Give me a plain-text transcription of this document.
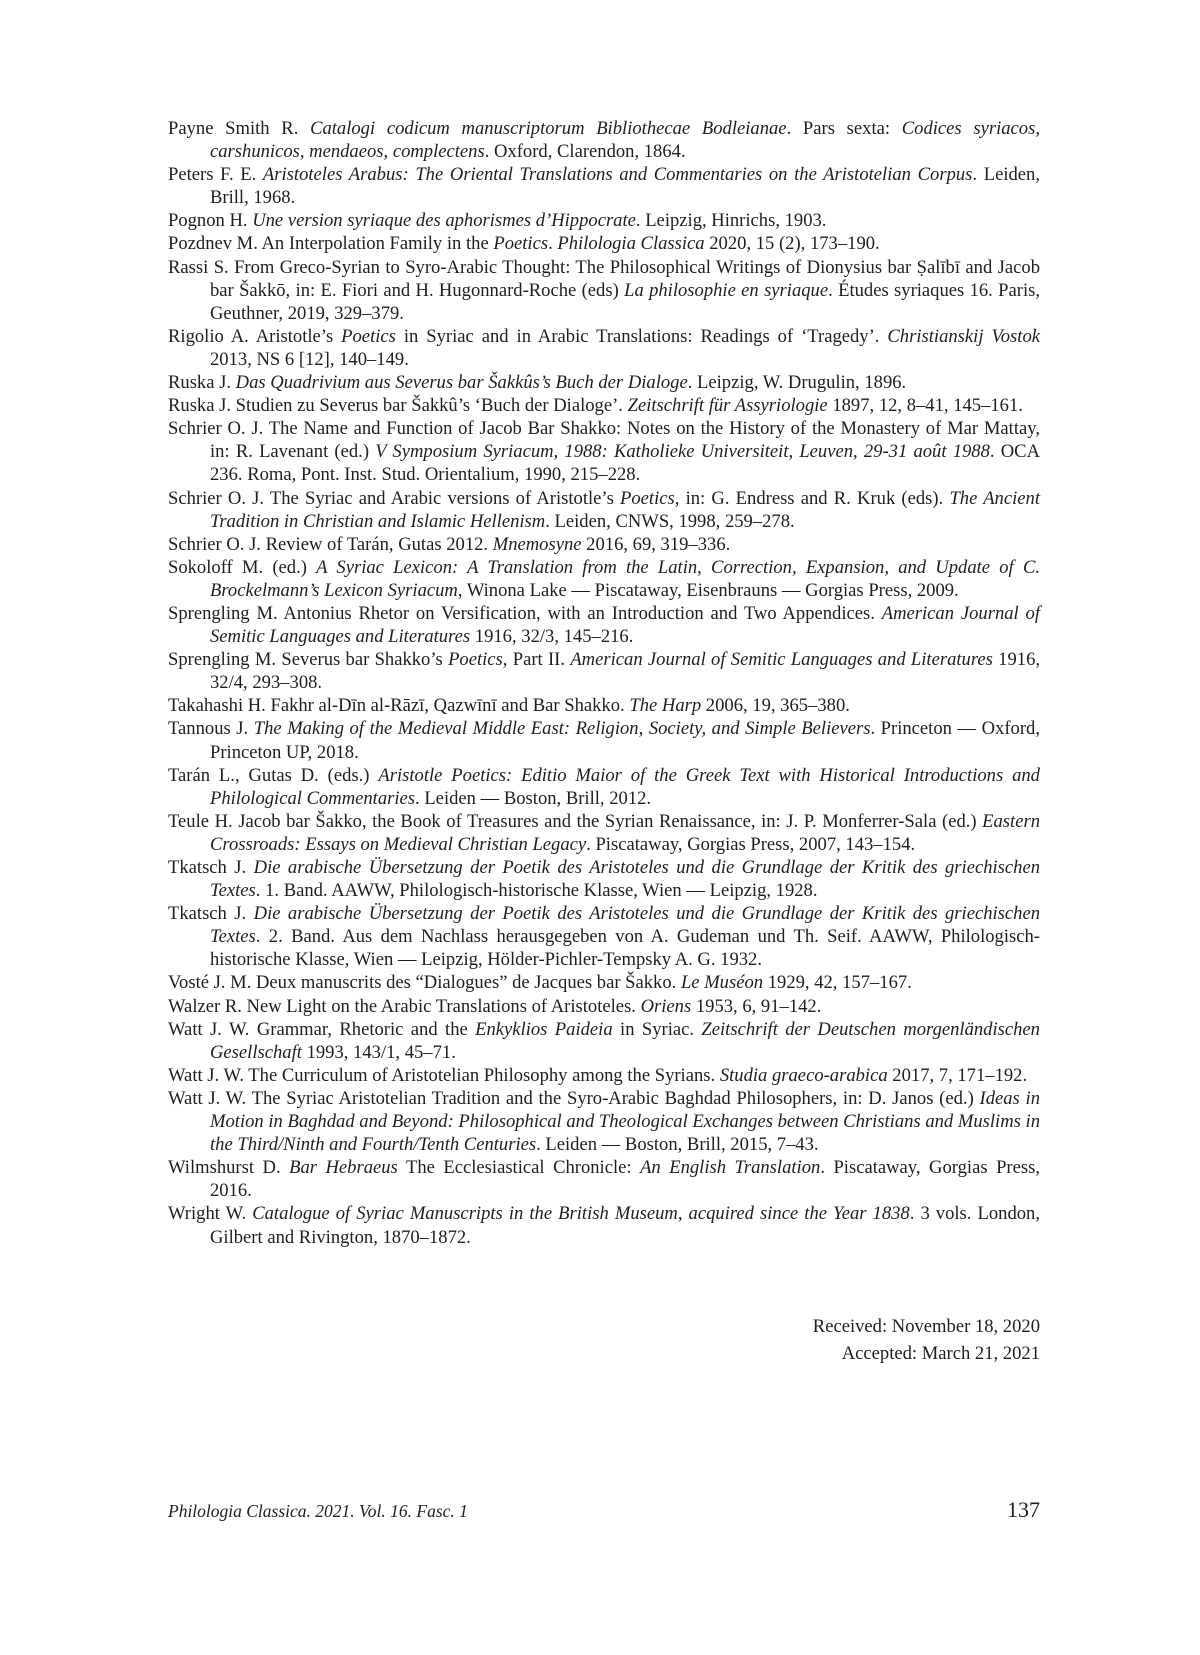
Payne Smith R. Catalogi codicum manuscriptorum Bibliothecae Bodleianae. Pars sexta: Codices syriacos, carshunicos, mendaeos, complectens. Oxford, Clarendon, 1864.

Peters F. E. Aristoteles Arabus: The Oriental Translations and Commentaries on the Aristotelian Corpus. Leiden, Brill, 1968.

Pognon H. Une version syriaque des aphorismes d’Hippocrate. Leipzig, Hinrichs, 1903.

Pozdnev M. An Interpolation Family in the Poetics. Philologia Classica 2020, 15 (2), 173–190.

Rassi S. From Greco-Syrian to Syro-Arabic Thought: The Philosophical Writings of Dionysius bar Ṣalībī and Jacob bar Šakkō, in: E. Fiori and H. Hugonnard-Roche (eds) La philosophie en syriaque. Études syriaques 16. Paris, Geuthner, 2019, 329–379.

Rigolio A. Aristotle’s Poetics in Syriac and in Arabic Translations: Readings of ‘Tragedy’. Christianskij Vostok 2013, NS 6 [12], 140–149.

Ruska J. Das Quadrivium aus Severus bar Šakkûs’s Buch der Dialoge. Leipzig, W. Drugulin, 1896.

Ruska J. Studien zu Severus bar Šakkû’s ‘Buch der Dialoge’. Zeitschrift für Assyriologie 1897, 12, 8–41, 145–161.

Schrier O. J. The Name and Function of Jacob Bar Shakko: Notes on the History of the Monastery of Mar Mattay, in: R. Lavenant (ed.) V Symposium Syriacum, 1988: Katholieke Universiteit, Leuven, 29-31 août 1988. OCA 236. Roma, Pont. Inst. Stud. Orientalium, 1990, 215–228.

Schrier O. J. The Syriac and Arabic versions of Aristotle’s Poetics, in: G. Endress and R. Kruk (eds). The Ancient Tradition in Christian and Islamic Hellenism. Leiden, CNWS, 1998, 259–278.

Schrier O. J. Review of Tarán, Gutas 2012. Mnemosyne 2016, 69, 319–336.

Sokoloff M. (ed.) A Syriac Lexicon: A Translation from the Latin, Correction, Expansion, and Update of C. Brockelmann’s Lexicon Syriacum, Winona Lake — Piscataway, Eisenbrauns — Gorgias Press, 2009.

Sprengling M. Antonius Rhetor on Versification, with an Introduction and Two Appendices. American Journal of Semitic Languages and Literatures 1916, 32/3, 145–216.

Sprengling M. Severus bar Shakko’s Poetics, Part II. American Journal of Semitic Languages and Literatures 1916, 32/4, 293–308.

Takahashi H. Fakhr al-Dīn al-Rāzī, Qazwīnī and Bar Shakko. The Harp 2006, 19, 365–380.

Tannous J. The Making of the Medieval Middle East: Religion, Society, and Simple Believers. Princeton — Oxford, Princeton UP, 2018.

Tarán L., Gutas D. (eds.) Aristotle Poetics: Editio Maior of the Greek Text with Historical Introductions and Philological Commentaries. Leiden — Boston, Brill, 2012.

Teule H. Jacob bar Šakko, the Book of Treasures and the Syrian Renaissance, in: J. P. Monferrer-Sala (ed.) Eastern Crossroads: Essays on Medieval Christian Legacy. Piscataway, Gorgias Press, 2007, 143–154.

Tkatsch J. Die arabische Übersetzung der Poetik des Aristoteles und die Grundlage der Kritik des griechischen Textes. 1. Band. AAWW, Philologisch-historische Klasse, Wien — Leipzig, 1928.

Tkatsch J. Die arabische Übersetzung der Poetik des Aristoteles und die Grundlage der Kritik des griechischen Textes. 2. Band. Aus dem Nachlass herausgegeben von A. Gudeman und Th. Seif. AAWW, Philologisch-historische Klasse, Wien — Leipzig, Hölder-Pichler-Tempsky A. G. 1932.

Vosté J. M. Deux manuscrits des “Dialogues” de Jacques bar Šakko. Le Muséon 1929, 42, 157–167.

Walzer R. New Light on the Arabic Translations of Aristoteles. Oriens 1953, 6, 91–142.

Watt J. W. Grammar, Rhetoric and the Enkyklios Paideia in Syriac. Zeitschrift der Deutschen morgenländischen Gesellschaft 1993, 143/1, 45–71.

Watt J. W. The Curriculum of Aristotelian Philosophy among the Syrians. Studia graeco-arabica 2017, 7, 171–192.

Watt J. W. The Syriac Aristotelian Tradition and the Syro-Arabic Baghdad Philosophers, in: D. Janos (ed.) Ideas in Motion in Baghdad and Beyond: Philosophical and Theological Exchanges between Christians and Muslims in the Third/Ninth and Fourth/Tenth Centuries. Leiden — Boston, Brill, 2015, 7–43.

Wilmshurst D. Bar Hebraeus The Ecclesiastical Chronicle: An English Translation. Piscataway, Gorgias Press, 2016.

Wright W. Catalogue of Syriac Manuscripts in the British Museum, acquired since the Year 1838. 3 vols. London, Gilbert and Rivington, 1870–1872.

Received: November 18, 2020

Accepted: March 21, 2021

Philologia Classica. 2021. Vol. 16. Fasc. 1	137
